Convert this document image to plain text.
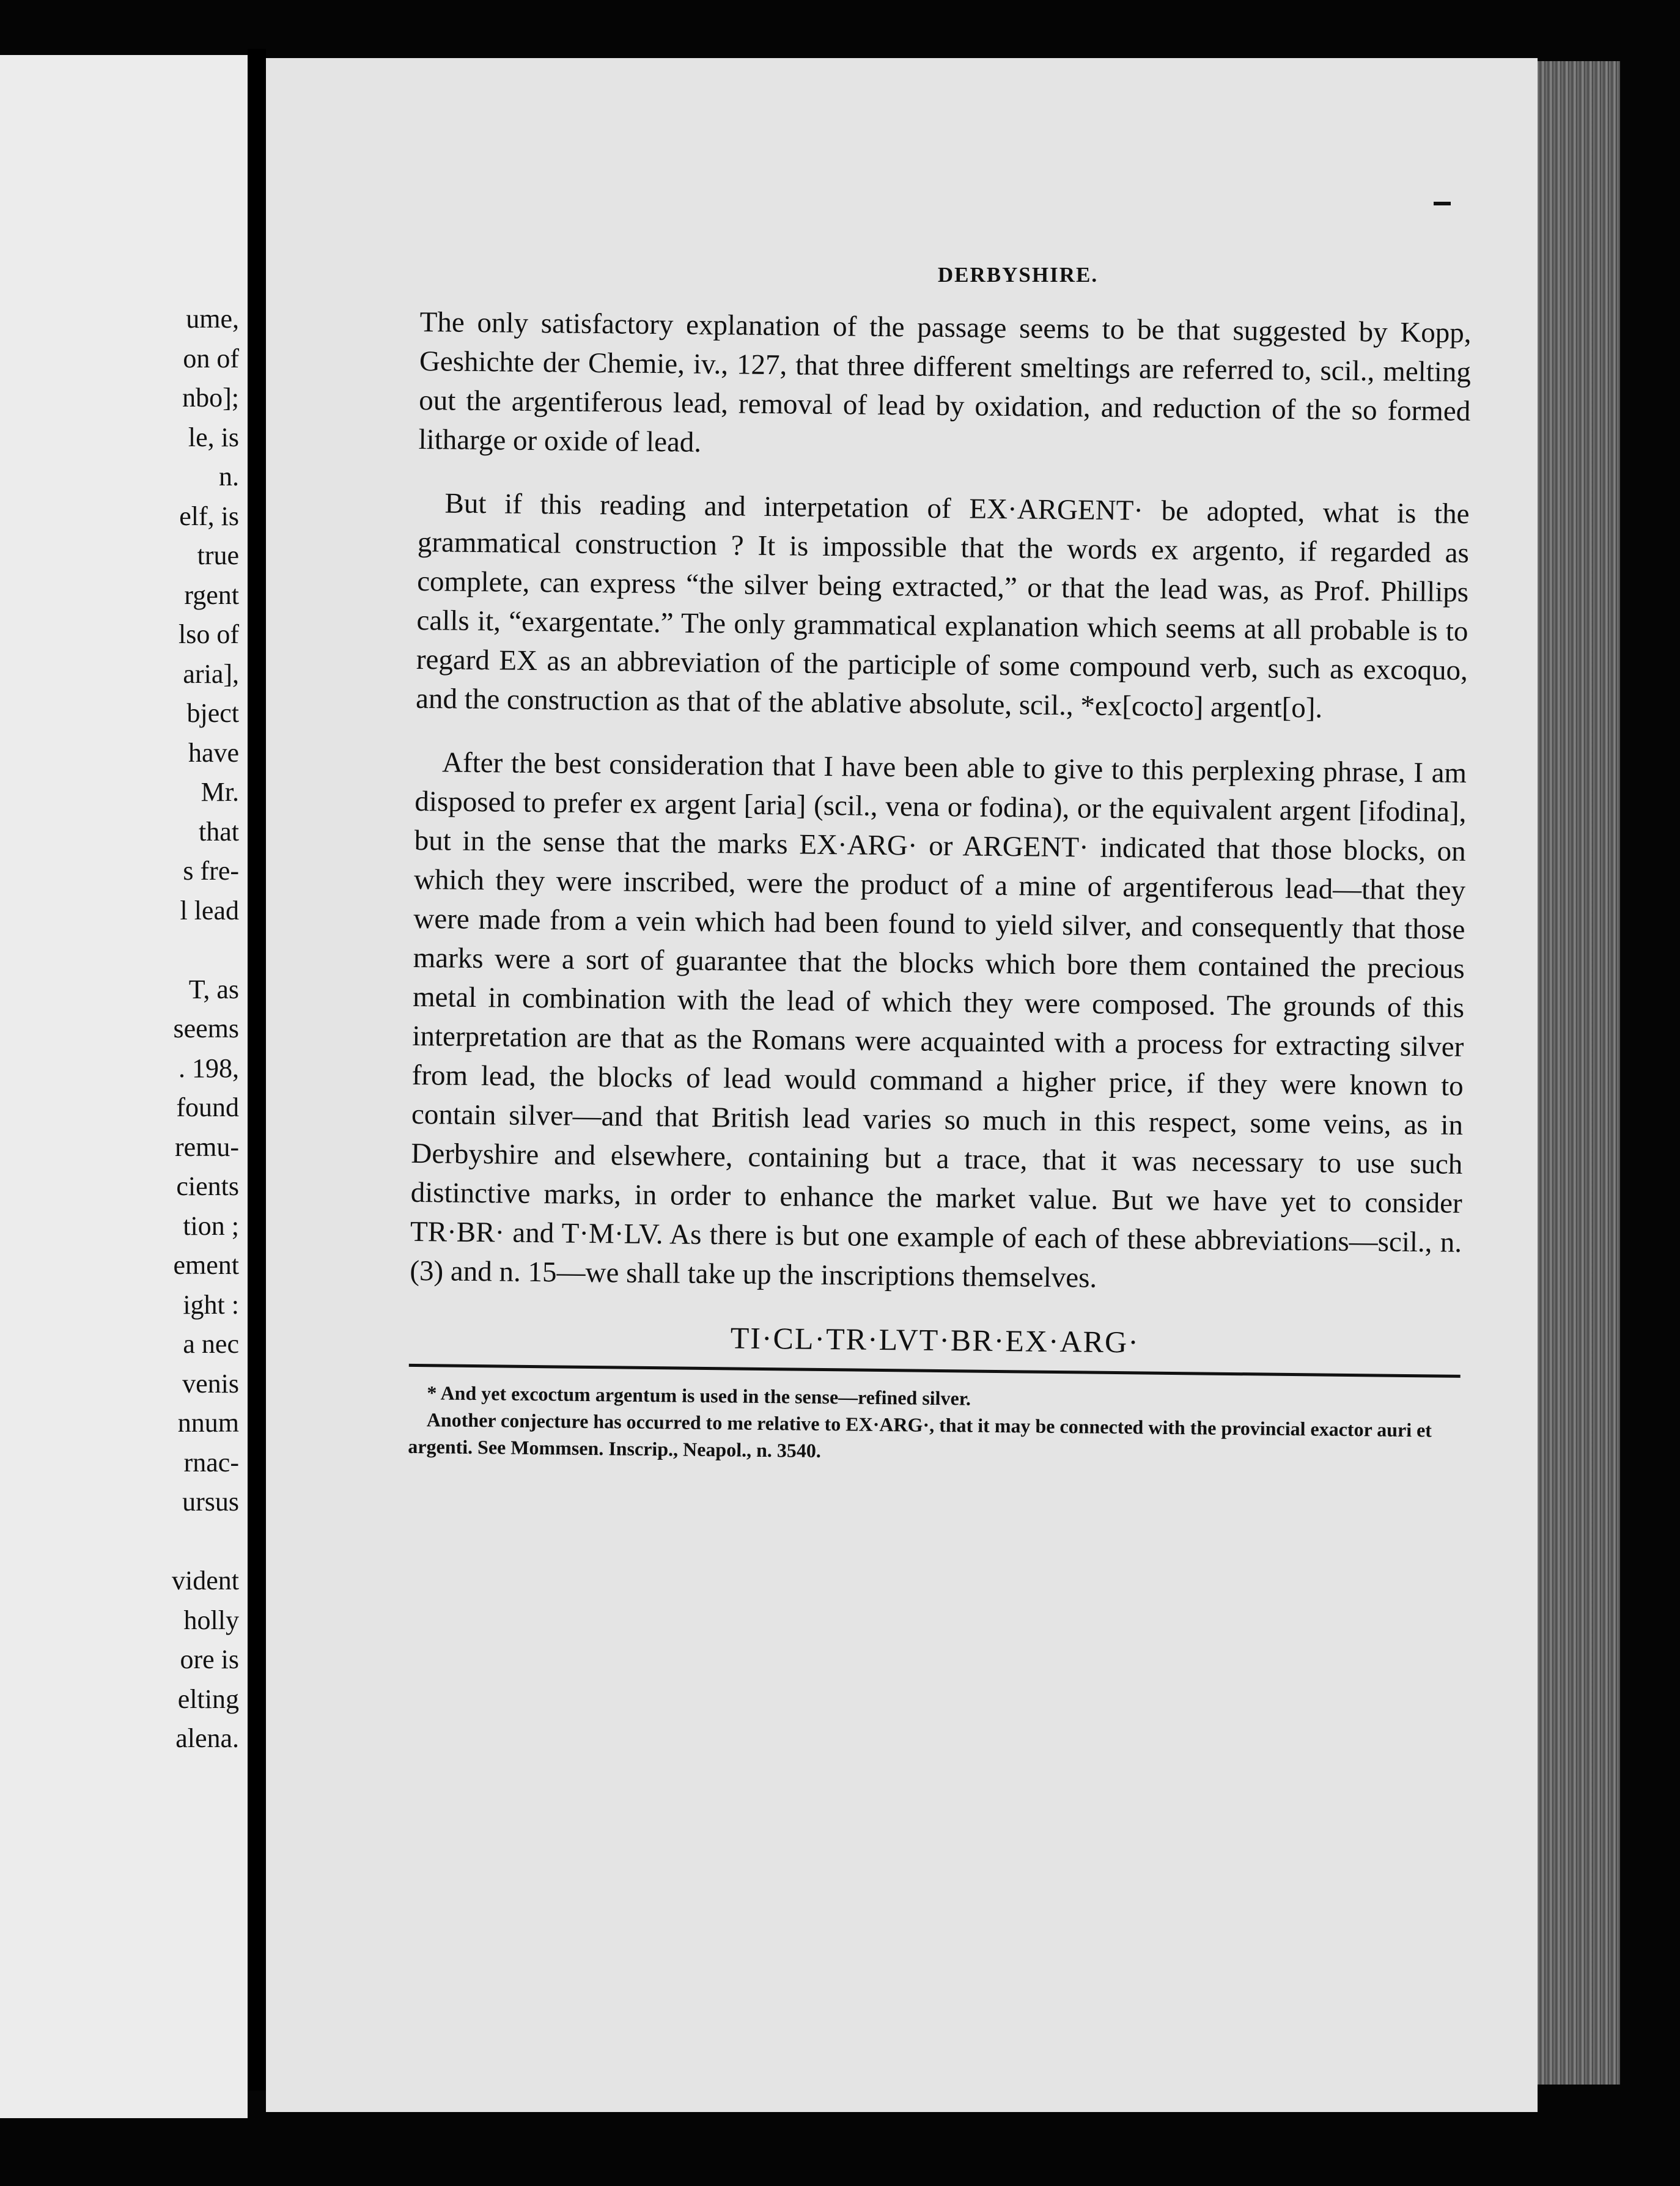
ume,
on of
nbo];
le, is
n.
elf, is
true
rgent
lso of
aria],
bject
have
Mr.
that
s fre-
l lead
T, as
seems
. 198,
found
remu-
cients
tion ;
ement
ight :
a nec
venis
nnum
rnac-
ursus
vident
holly
ore is
elting
alena.
DERBYSHIRE.

The only satisfactory explanation of the passage seems to be that suggested by Kopp, Geshichte der Chemie, iv., 127, that three different smeltings are referred to, scil., melting out the argentiferous lead, removal of lead by oxidation, and reduction of the so formed litharge or oxide of lead.

But if this reading and interpetation of EX·ARGENT· be adopted, what is the grammatical construction ? It is impossible that the words ex argento, if regarded as complete, can express “the silver being extracted,” or that the lead was, as Prof. Phillips calls it, “exargentate.” The only grammatical explanation which seems at all probable is to regard EX as an abbreviation of the participle of some compound verb, such as excoquo, and the construction as that of the ablative absolute, scil., *ex[cocto] argent[o].

After the best consideration that I have been able to give to this perplexing phrase, I am disposed to prefer ex argent [aria] (scil., vena or fodina), or the equivalent argent [ifodina], but in the sense that the marks EX·ARG· or ARGENT· indicated that those blocks, on which they were inscribed, were the product of a mine of argentiferous lead—that they were made from a vein which had been found to yield silver, and consequently that those marks were a sort of guarantee that the blocks which bore them contained the precious metal in combination with the lead of which they were composed. The grounds of this interpretation are that as the Romans were acquainted with a process for extracting silver from lead, the blocks of lead would command a higher price, if they were known to contain silver—and that British lead varies so much in this respect, some veins, as in Derbyshire and elsewhere, containing but a trace, that it was necessary to use such distinctive marks, in order to enhance the market value. But we have yet to consider TR·BR· and T·M·LV. As there is but one example of each of these abbreviations—scil., n. (3) and n. 15—we shall take up the inscriptions themselves.

TI·CL·TR·LVT·BR·EX·ARG·

* And yet excoctum argentum is used in the sense—refined silver.

Another conjecture has occurred to me relative to EX·ARG·, that it may be connected with the provincial exactor auri et argenti. See Mommsen. Inscrip., Neapol., n. 3540.
